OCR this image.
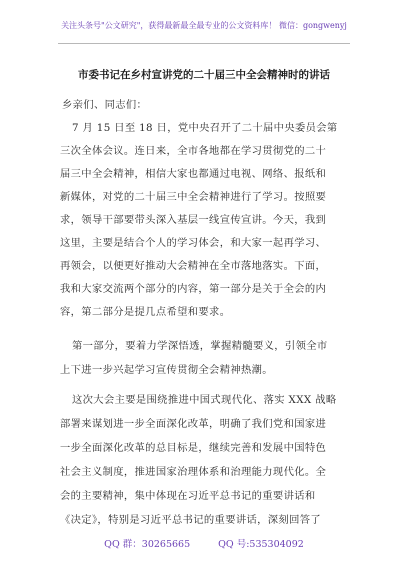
关注头条号"公文研究"，获得最新最全最专业的公文资料库！ 微信：gongwenyj
市委书记在乡村宣讲党的二十届三中全会精神时的讲话
乡亲们、同志们：
7 月 15 日至 18 日，党中央召开了二十届中央委员会第
三次全体会议。连日来，全市各地都在学习贯彻党的二十
届三中全会精神，相信大家也都通过电视、网络、报纸和
新媒体，对党的二十届三中全会精神进行了学习。按照要
求，领导干部要带头深入基层一线宣传宣讲。今天，我到
这里，主要是结合个人的学习体会，和大家一起再学习、
再领会，以便更好推动大会精神在全市落地落实。下面，
我和大家交流两个部分的内容，第一部分是关于全会的内
容，第二部分是提几点希望和要求。
第一部分，要着力学深悟透，掌握精髓要义，引领全市
上下进一步兴起学习宣传贯彻全会精神热潮。
这次大会主要是围绕推进中国式现代化、落实 XXX 战略
部署来谋划进一步全面深化改革，明确了我们党和国家进
一步全面深化改革的总目标是，继续完善和发展中国特色
社会主义制度，推进国家治理体系和治理能力现代化。全
会的主要精神，集中体现在习近平总书记的重要讲话和
《决定》，特别是习近平总书记的重要讲话，深刻回答了
QQ 群：30265665	QQ 号:535304092
